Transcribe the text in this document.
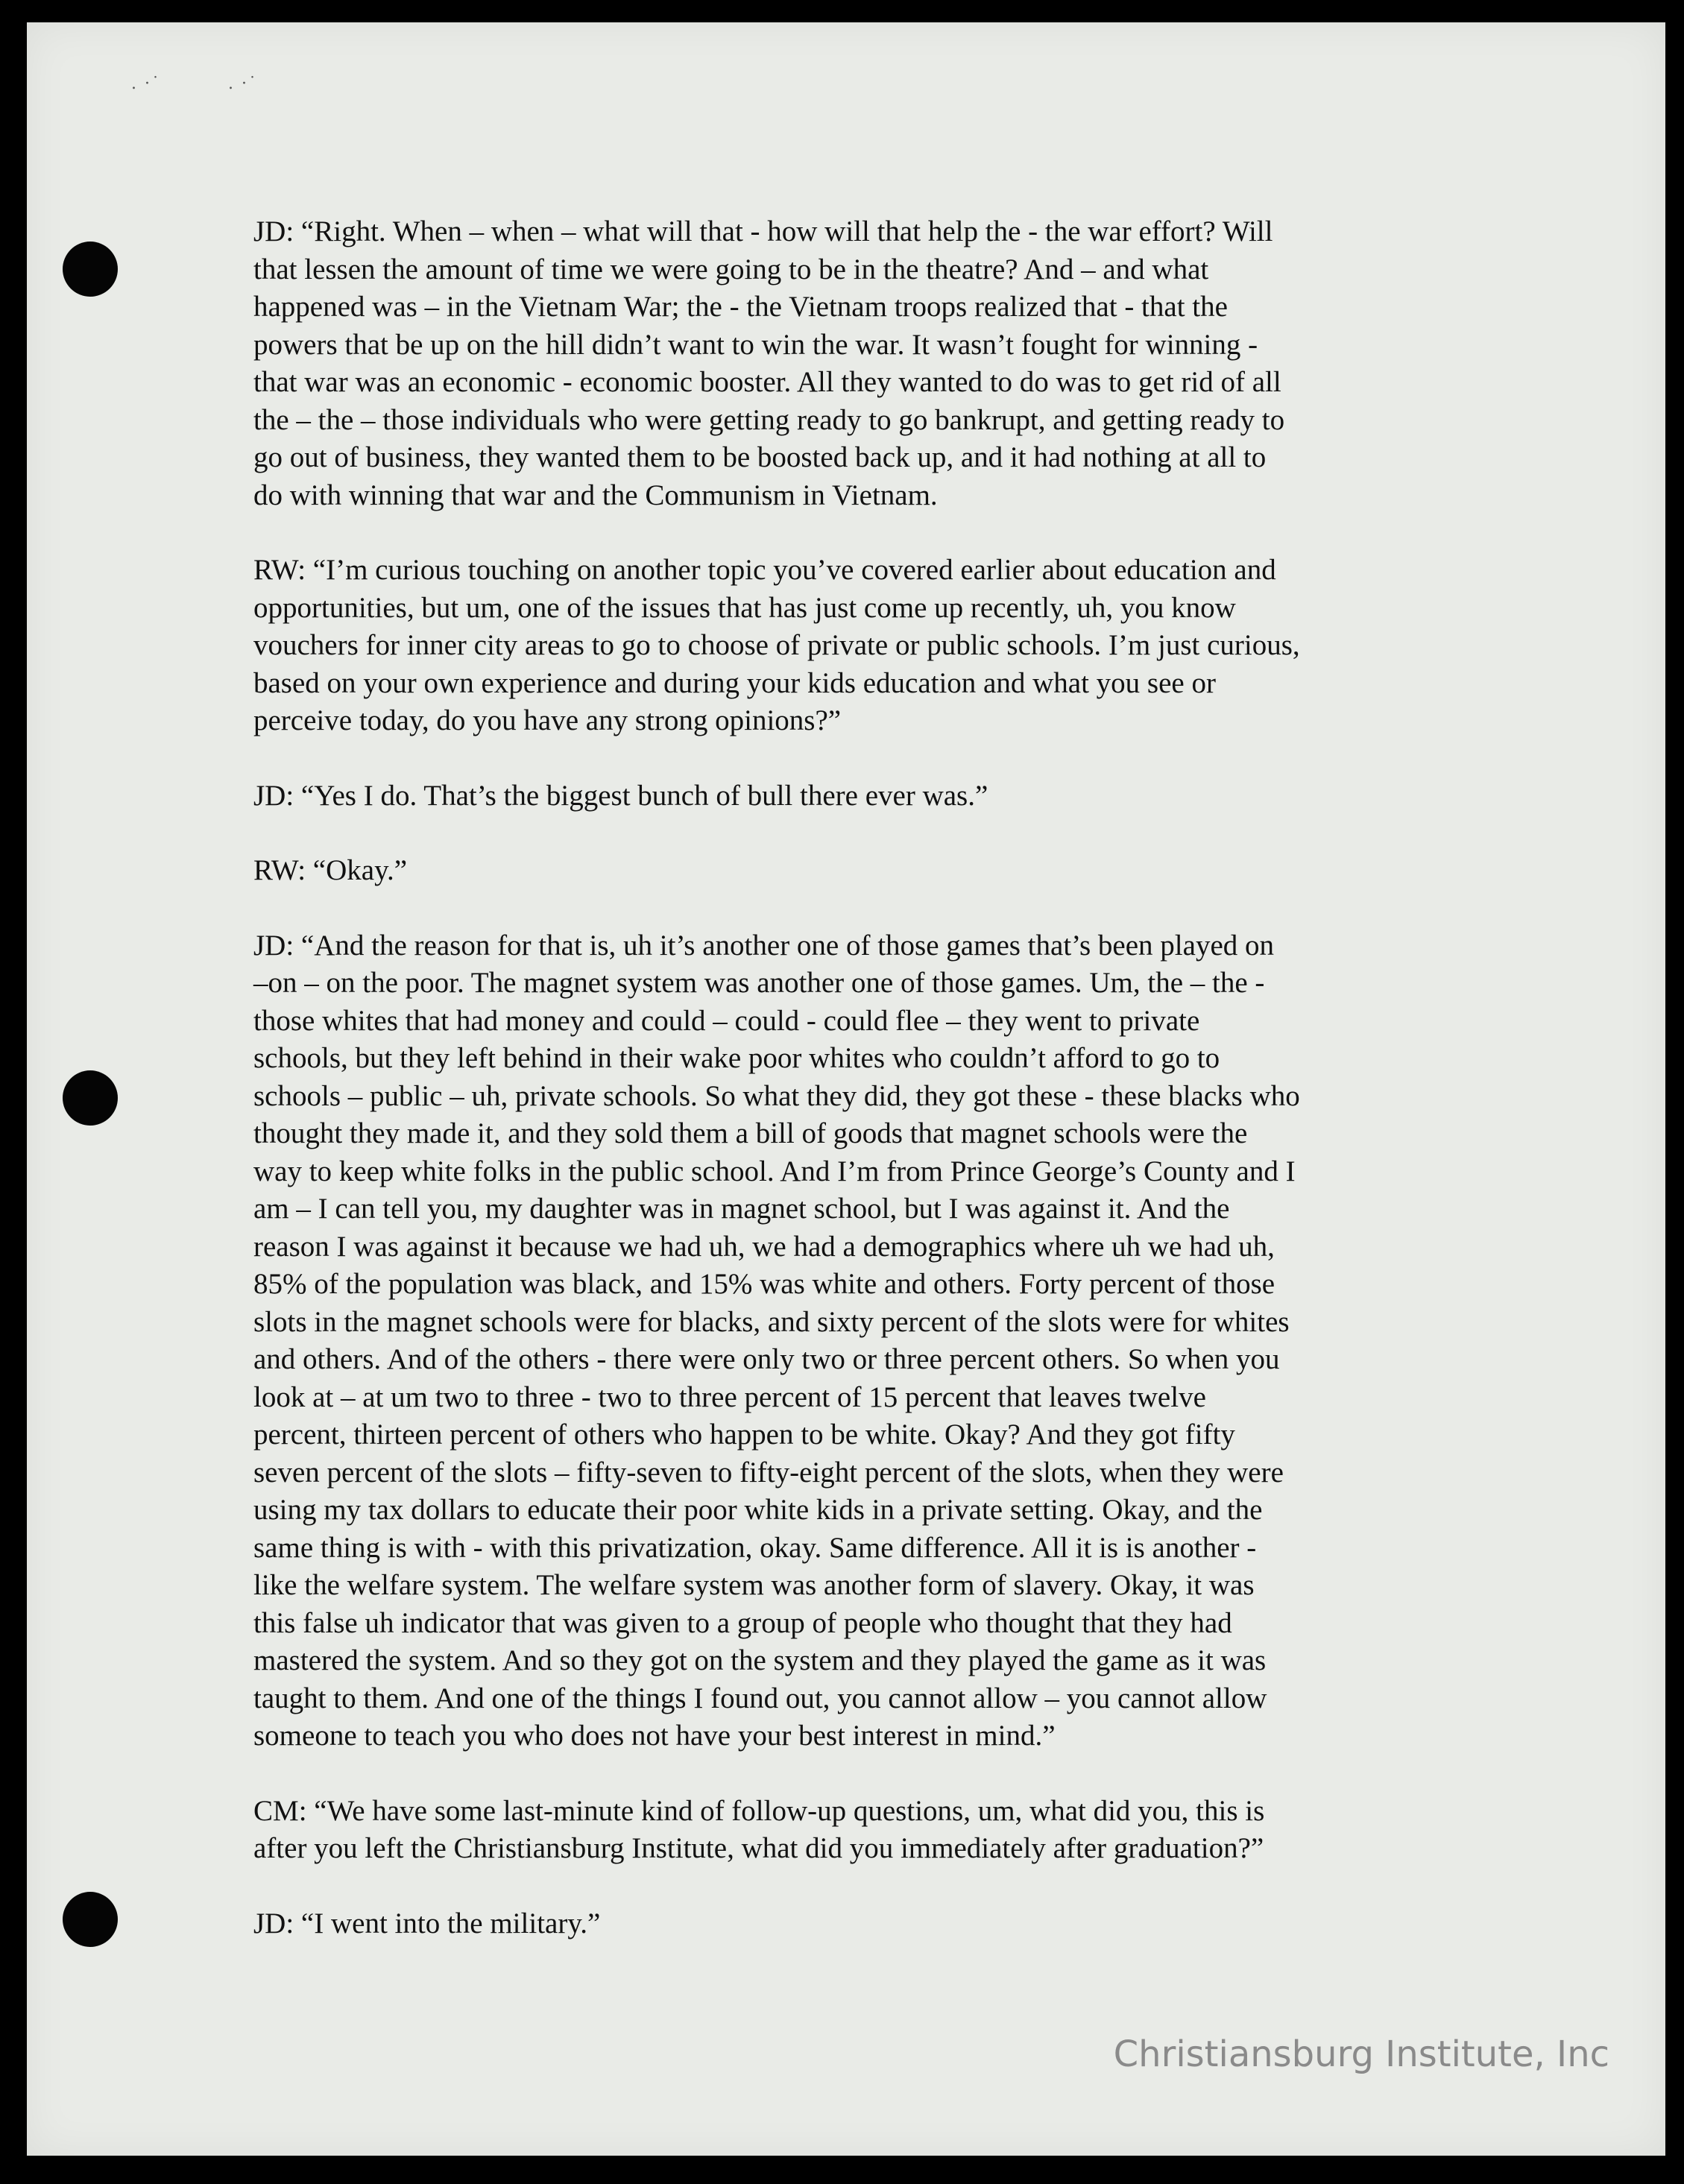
. ·˙	. ·˙

JD: “Right. When – when – what will that - how will that help the - the war effort? Will
that lessen the amount of time we were going to be in the theatre? And – and what
happened was – in the Vietnam War; the - the Vietnam troops realized that - that the
powers that be up on the hill didn’t want to win the war. It wasn’t fought for winning -
that war was an economic - economic booster. All they wanted to do was to get rid of all
the – the – those individuals who were getting ready to go bankrupt, and getting ready to
go out of business, they wanted them to be boosted back up, and it had nothing at all to
do with winning that war and the Communism in Vietnam.

RW: “I’m curious touching on another topic you’ve covered earlier about education and
opportunities, but um, one of the issues that has just come up recently, uh, you know
vouchers for inner city areas to go to choose of private or public schools. I’m just curious,
based on your own experience and during your kids education and what you see or
perceive today, do you have any strong opinions?”

JD: “Yes I do. That’s the biggest bunch of bull there ever was.”

RW: “Okay.”

JD: “And the reason for that is, uh it’s another one of those games that’s been played on
–on – on the poor. The magnet system was another one of those games. Um, the – the -
those whites that had money and could – could - could flee – they went to private
schools, but they left behind in their wake poor whites who couldn’t afford to go to
schools – public – uh, private schools. So what they did, they got these - these blacks who
thought they made it, and they sold them a bill of goods that magnet schools were the
way to keep white folks in the public school. And I’m from Prince George’s County and I
am – I can tell you, my daughter was in magnet school, but I was against it. And the
reason I was against it because we had uh, we had a demographics where uh we had uh,
85% of the population was black, and 15% was white and others. Forty percent of those
slots in the magnet schools were for blacks, and sixty percent of the slots were for whites
and others. And of the others - there were only two or three percent others. So when you
look at – at um two to three - two to three percent of 15 percent that leaves twelve
percent, thirteen percent of others who happen to be white. Okay? And they got fifty
seven percent of the slots – fifty-seven to fifty-eight percent of the slots, when they were
using my tax dollars to educate their poor white kids in a private setting. Okay, and the
same thing is with - with this privatization, okay. Same difference. All it is is another -
like the welfare system. The welfare system was another form of slavery. Okay, it was
this false uh indicator that was given to a group of people who thought that they had
mastered the system. And so they got on the system and they played the game as it was
taught to them. And one of the things I found out, you cannot allow – you cannot allow
someone to teach you who does not have your best interest in mind.”

CM: “We have some last-minute kind of follow-up questions, um, what did you, this is
after you left the Christiansburg Institute, what did you immediately after graduation?”

JD: “I went into the military.”

Christiansburg Institute, Inc
